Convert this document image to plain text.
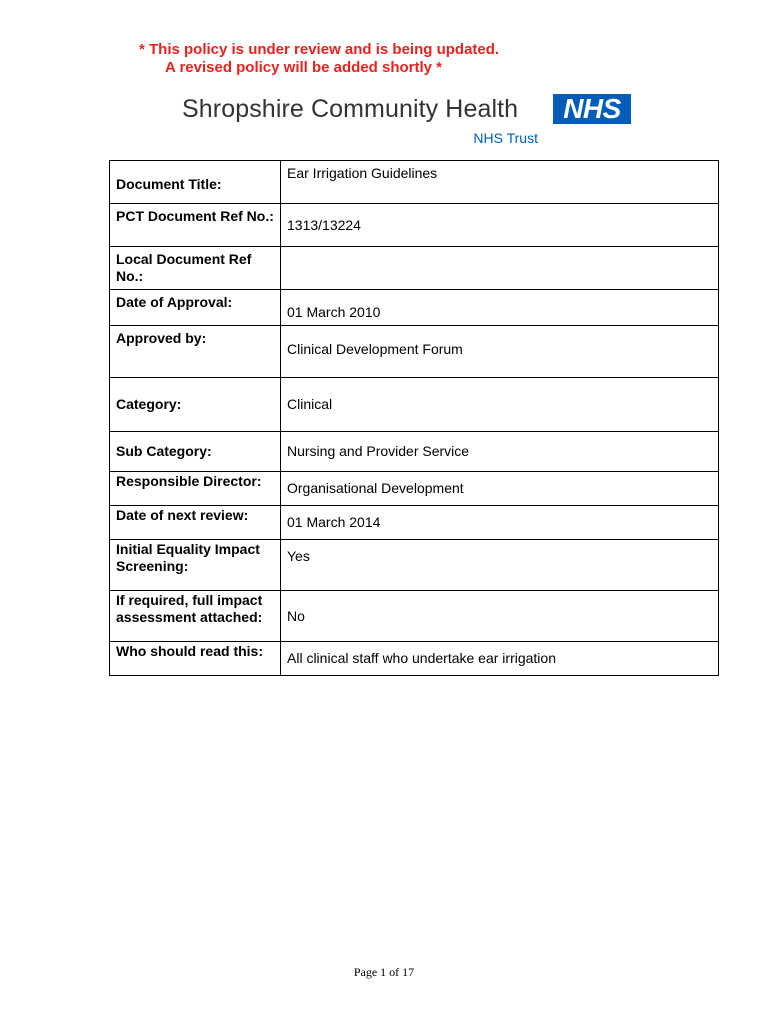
* This policy is under review and is being updated.
A revised policy will be added shortly *
Shropshire Community Health	NHS
NHS Trust
Document Title:	Ear Irrigation Guidelines
PCT Document Ref No.:	1313/13224
Local Document Ref No.:	
Date of Approval:	01 March 2010
Approved by:	Clinical Development Forum
Category:	Clinical
Sub Category:	Nursing and Provider Service
Responsible Director:	Organisational Development
Date of next review:	01 March 2014
Initial Equality Impact Screening:	Yes
If required, full impact assessment attached:	No
Who should read this:	All clinical staff who undertake ear irrigation
Page 1 of 17
